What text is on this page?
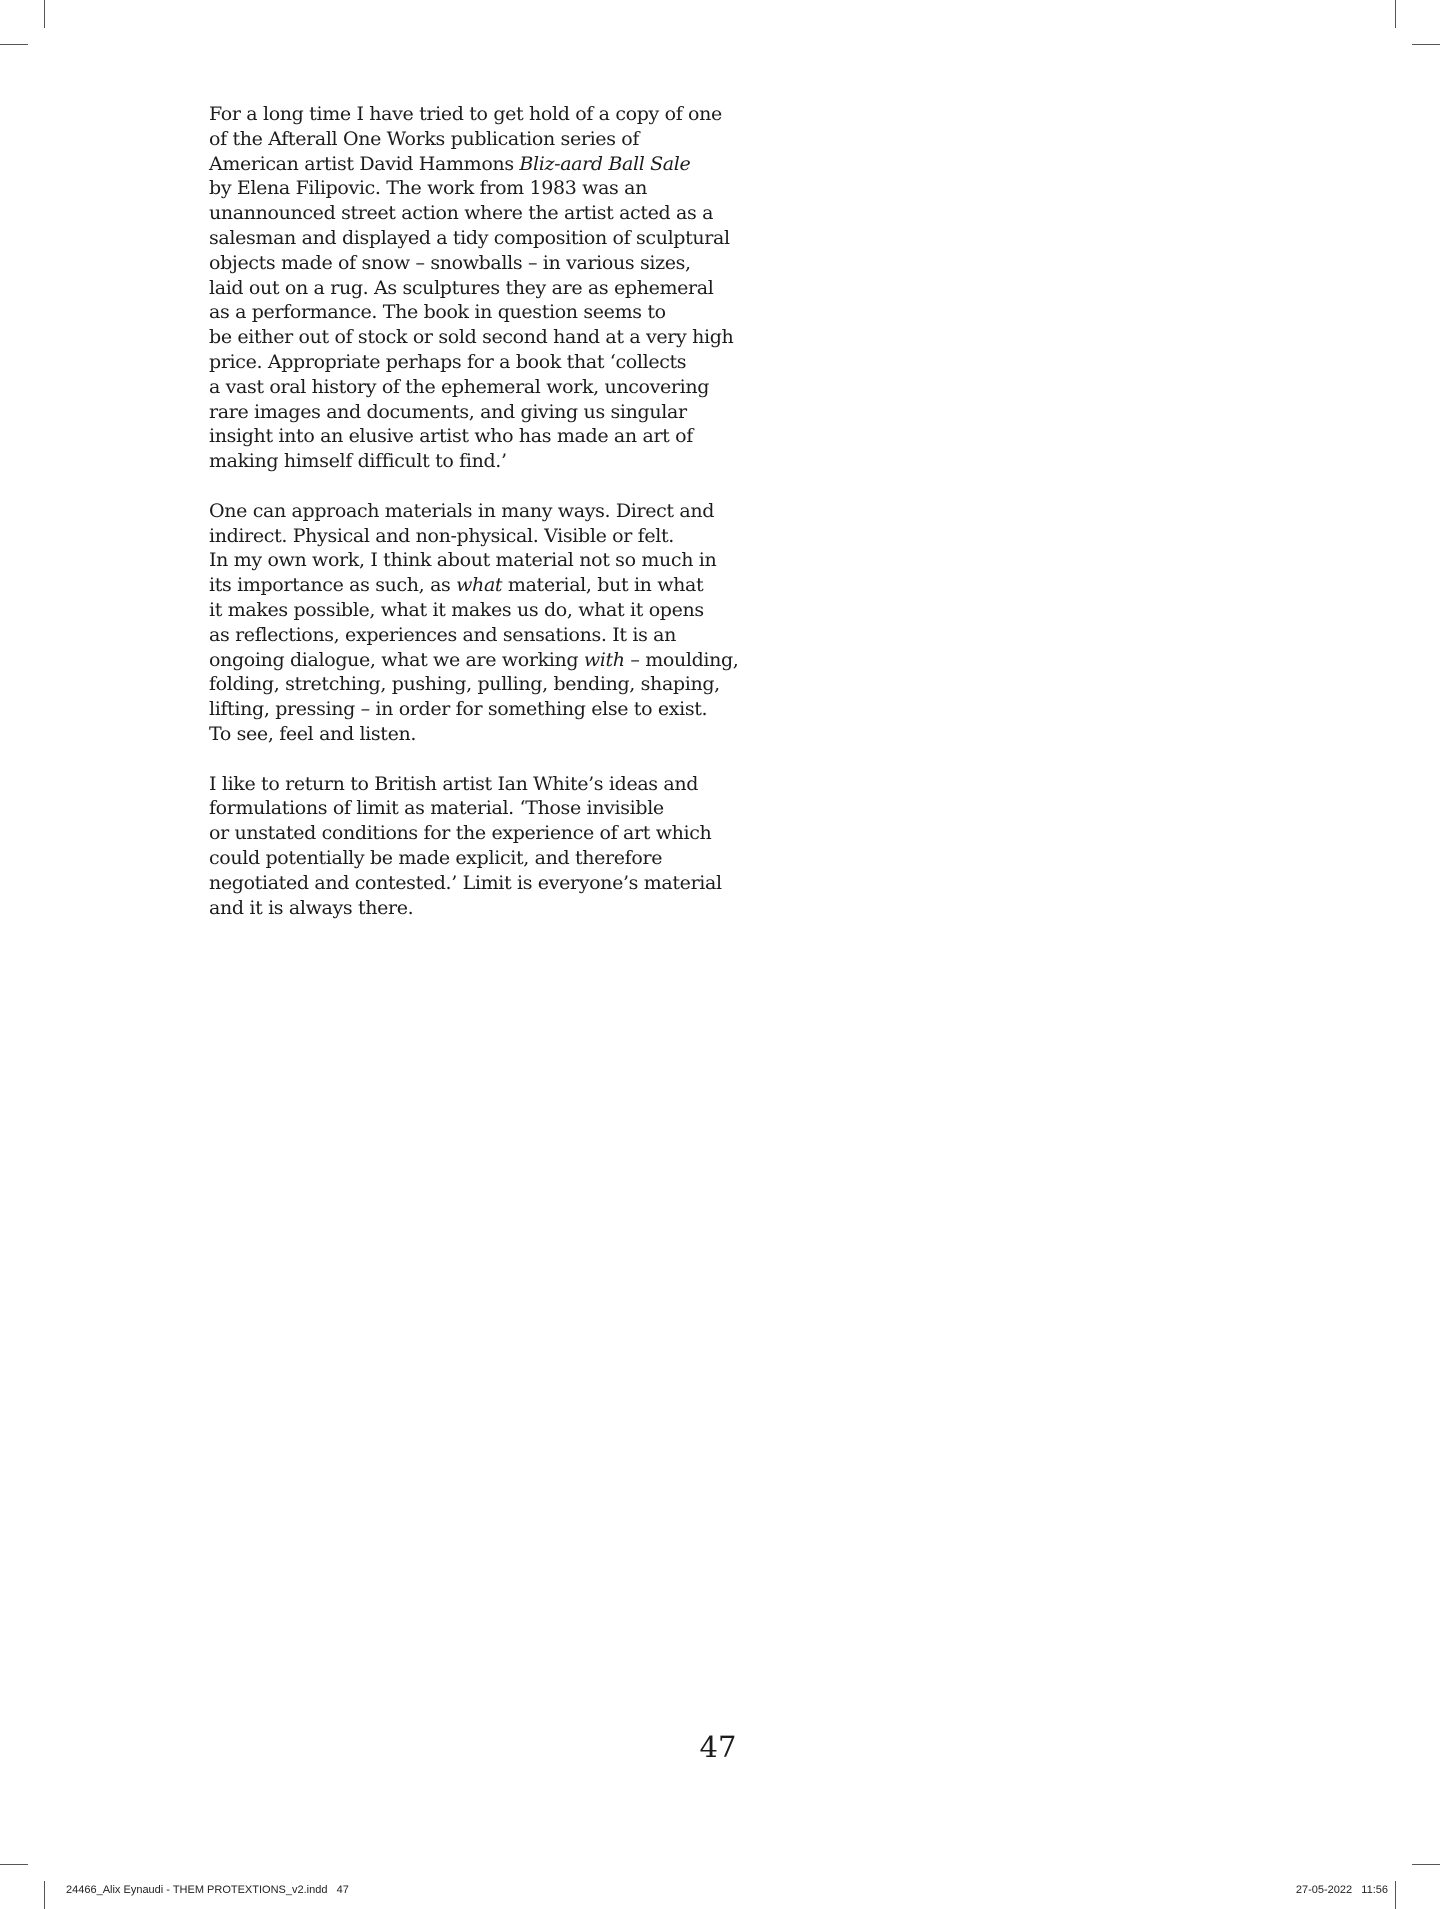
For a long time I have tried to get hold of a copy of one
of the Afterall One Works publication series of
American artist David Hammons Bliz-aard Ball Sale
by Elena Filipovic. The work from 1983 was an
unannounced street action where the artist acted as a
salesman and displayed a tidy composition of sculptural
objects made of snow – snowballs – in various sizes,
laid out on a rug. As sculptures they are as ephemeral
as a performance. The book in question seems to
be either out of stock or sold second hand at a very high
price. Appropriate perhaps for a book that ‘collects
a vast oral history of the ephemeral work, uncovering
rare images and documents, and giving us singular
insight into an elusive artist who has made an art of
making himself difficult to find.’

One can approach materials in many ways. Direct and
indirect. Physical and non-physical. Visible or felt.
In my own work, I think about material not so much in
its importance as such, as what material, but in what
it makes possible, what it makes us do, what it opens
as reflections, experiences and sensations. It is an
ongoing dialogue, what we are working with – moulding,
folding, stretching, pushing, pulling, bending, shaping,
lifting, pressing – in order for something else to exist.
To see, feel and listen.

I like to return to British artist Ian White’s ideas and
formulations of limit as material. ‘Those invisible
or unstated conditions for the experience of art which
could potentially be made explicit, and therefore
negotiated and contested.’ Limit is everyone’s material
and it is always there.

47
24466_Alix Eynaudi - THEM PROTEXTIONS_v2.indd   47	27-05-2022   11:56
